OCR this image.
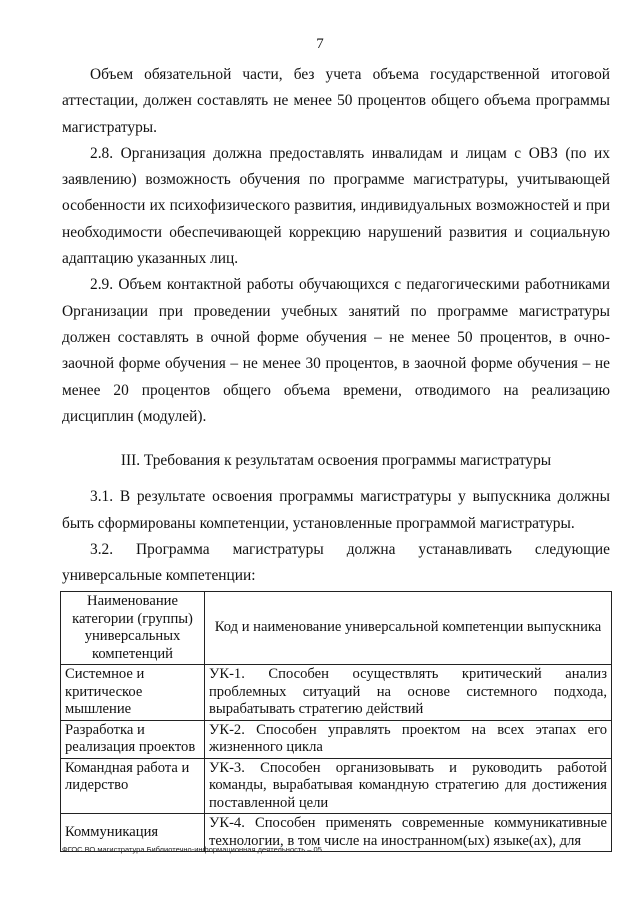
7

Объем обязательной части, без учета объема государственной итоговой аттестации, должен составлять не менее 50 процентов общего объема программы магистратуры.

2.8. Организация должна предоставлять инвалидам и лицам с ОВЗ (по их заявлению) возможность обучения по программе магистратуры, учитывающей особенности их психофизического развития, индивидуальных возможностей и при необходимости обеспечивающей коррекцию нарушений развития и социальную адаптацию указанных лиц.

2.9. Объем контактной работы обучающихся с педагогическими работниками Организации при проведении учебных занятий по программе магистратуры должен составлять в очной форме обучения – не менее 50 процентов, в очно-заочной форме обучения – не менее 30 процентов, в заочной форме обучения – не менее 20 процентов общего объема времени, отводимого на реализацию дисциплин (модулей).

III. Требования к результатам освоения программы магистратуры

3.1. В результате освоения программы магистратуры у выпускника должны быть сформированы компетенции, установленные программой магистратуры.

3.2. Программа магистратуры должна устанавливать следующие универсальные компетенции:

Наименование категории (группы) универсальных компетенций	Код и наименование универсальной компетенции выпускника
Системное и критическое мышление	УК-1. Способен осуществлять критический анализ проблемных ситуаций на основе системного подхода, вырабатывать стратегию действий
Разработка и реализация проектов	УК-2. Способен управлять проектом на всех этапах его жизненного цикла
Командная работа и лидерство	УК-3. Способен организовывать и руководить работой команды, вырабатывая командную стратегию для достижения поставленной цели
Коммуникация	УК-4. Способен применять современные коммуникативные технологии, в том числе на иностранном(ых) языке(ах), для
ФГОС ВО магистратура Библиотечно-информационная деятельность – 05
